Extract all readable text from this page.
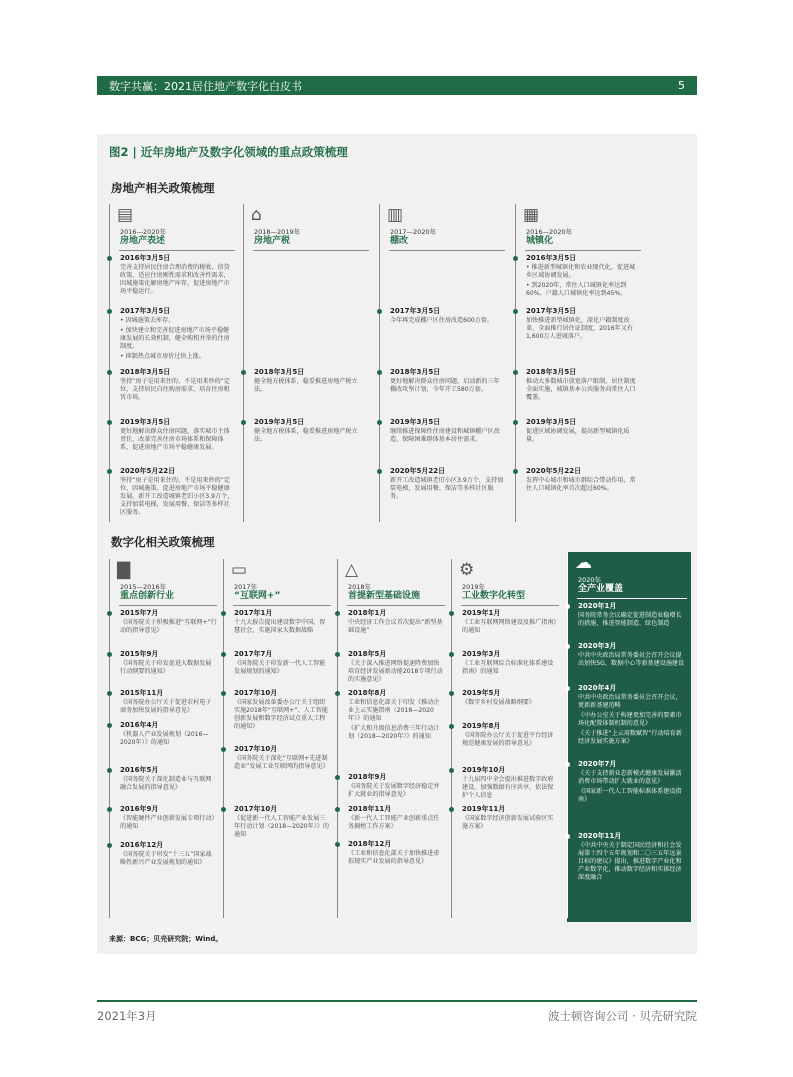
数字共赢：2021居住地产数字化白皮书	5
图2 | 近年房地产及数字化领域的重点政策梳理
房地产相关政策梳理
数字化相关政策梳理
来源：BCG；贝壳研究院；Wind。
▤
2016—2020年
房地产表述
2016年3月5日
完善支持居民住房合理消费的税收、信贷政策，适应住房刚性需求和改善性需求，因城施策化解房地产库存，促进房地产市场平稳运行。
2017年3月5日
• 因城施策去库存。
• 加快建立和完善促进房地产市场平稳健康发展的长效机制，健全购租并举的住房制度。
• 抑制热点城市房价过快上涨。
2018年3月5日
坚持“房子是用来住的、不是用来炒的”定位，支持居民自住购房需求，培育住房租赁市场。
2019年3月5日
更好地解决群众住房问题，落实城市主体责任，改革完善住房市场体系和保障体系，促进房地产市场平稳健康发展。
2020年5月22日
坚持“房子是用来住的、不是用来炒的”定位，因城施策，促进房地产市场平稳健康发展。新开工改造城镇老旧小区3.9万个，支持加装电梯，发展用餐、保洁等多样社区服务。
⌂
2018—2019年
房地产税
2018年3月5日
健全地方税体系，稳妥推进房地产税立法。
2019年3月5日
健全地方税体系，稳妥推进房地产税立法。
▥
2017—2020年
棚改
2017年3月5日
今年再完成棚户区住房改造600万套。
2018年3月5日
更好地解决群众住房问题，启动新的三年棚改攻坚计划，今年开工580万套。
2019年3月5日
继续推进保障性住房建设和城镇棚户区改造，保障困难群体基本居住需求。
2020年5月22日
新开工改造城镇老旧小区3.9万个，支持加装电梯，发展用餐、保洁等多样社区服务。
▦
2016—2020年
城镇化
2016年3月5日
• 推进新型城镇化和农业现代化，促进城乡区域协调发展。
• 到2020年，常住人口城镇化率达到60%、户籍人口城镇化率达到45%。
2017年3月5日
加快推进新型城镇化，深化户籍制度改革，全面推行居住证制度，2016年又有1,600万人进城落户。
2018年3月5日
推动大多数城市放宽落户限制，居住制度全面实施，城镇基本公共服务向常住人口覆盖。
2019年3月5日
促进区域协调发展，提高新型城镇化质量。
2020年5月22日
发挥中心城市和城市群综合带动作用，常住人口城镇化率首次超过60%。
▇
2015—2016年
重点创新行业
2015年7月
《国务院关于积极推进“互联网+”行动的指导意见》
2015年9月
《国务院关于印发促进大数据发展行动纲要的通知》
2015年11月
《国务院办公厅关于促进农村电子商务加快发展的指导意见》
2016年4月
《机器人产业发展规划（2016—2020年）》的通知
2016年5月
《国务院关于深化制造业与互联网融合发展的指导意见》
2016年9月
《智能硬件产业创新发展专项行动》的通知
2016年12月
《国务院关于印发“十三五”国家战略性新兴产业发展规划的通知》
▭
2017年
“互联网+”
2017年1月
十九大报告提出建设数字中国、智慧社会，实施国家大数据战略
2017年7月
《国务院关于印发新一代人工智能发展规划的通知》
2017年10月
《国家发展改革委办公厅关于组织实施2018年“互联网+”、人工智能创新发展和数字经济试点重大工程的通知》
2017年10月
《国务院关于深化“互联网+先进制造业”发展工业互联网的指导意见》
2017年10月
《促进新一代人工智能产业发展三年行动计划（2018—2020年）》的通知
△
2018年
首提新型基础设施
2018年1月
中央经济工作会议首次提出“新型基础设施”
2018年5月
《关于深入推进网络提速降费加快培育经济发展新动能2018专项行动的实施意见》
2018年8月
工业和信息化部关于印发《推动企业上云实施指南（2018—2020年）》的通知
《扩大和升级信息消费三年行动计划（2018—2020年）》的通知
2018年9月
《国务院关于发展数字经济稳定并扩大就业的指导意见》
2018年11月
《新一代人工智能产业创新重点任务揭榜工作方案》
2018年12月
《工业和信息化部关于加快推进虚拟现实产业发展的指导意见》
⚙
2019年
工业数字化转型
2019年1月
《工业互联网网络建设及推广指南》的通知
2019年3月
《工业互联网综合标准化体系建设指南》的通知
2019年5月
《数字乡村发展战略纲要》
2019年8月
《国务院办公厅关于促进平台经济规范健康发展的指导意见》
2019年10月
十九届四中全会提出推进数字政府建设，加强数据有序共享，依法保护个人信息
2019年11月
《国家数字经济创新发展试验区实施方案》
☁
2020年
全产业覆盖
2020年1月
国务院常务会议确定促进制造业稳增长的措施，推进智能制造、绿色制造
2020年3月
中共中央政治局常务委员会召开会议提出加快5G、数据中心等新基建设施建设
2020年4月
中共中央政治局常务委员会召开会议，更新新基建范畴
《中办公室关于构建更加完善的要素市场化配置体制机制的意见》
《关于推进“上云用数赋智”行动培育新经济发展实施方案》
2020年7月
《关于支持新业态新模式健康发展激活消费市场带动扩大就业的意见》
《国家新一代人工智能标准体系建设指南》
2020年11月
《中共中央关于制定国民经济和社会发展第十四个五年规划和二〇三五年远景目标的建议》提出，推进数字产业化和产业数字化，推动数字经济和实体经济深度融合
2021年3月	波士顿咨询公司 · 贝壳研究院
